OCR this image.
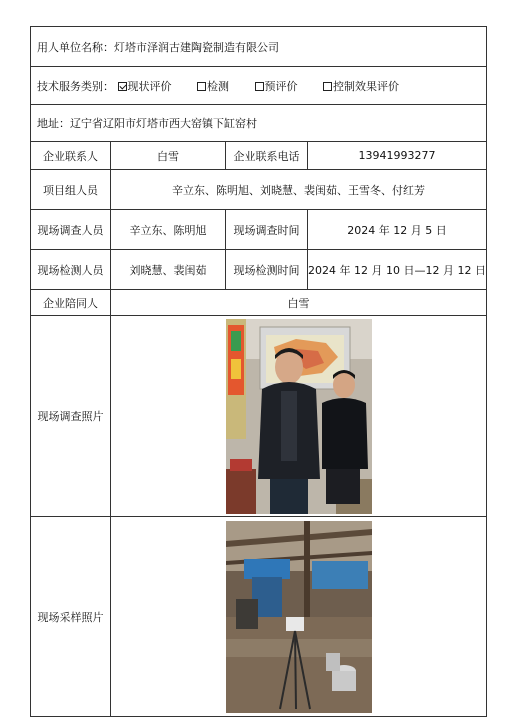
用人单位名称：灯塔市泽润古建陶瓷制造有限公司			
技术服务类别： 现状评价 检测 预评价 控制效果评价			
地址：辽宁省辽阳市灯塔市西大窑镇下缸窑村			
企业联系人	白雪	企业联系电话	13941993277
项目组人员	辛立东、陈明旭、刘晓慧、裴闺茹、王雪冬、付红芳		
现场调查人员	辛立东、陈明旭	现场调查时间	2024 年 12 月 5 日
现场检测人员	刘晓慧、裴闺茹	现场检测时间	2024 年 12 月 10 日—12 月 12 日
企业陪同人	白雪		
现场调查照片	

现场采样照片	
